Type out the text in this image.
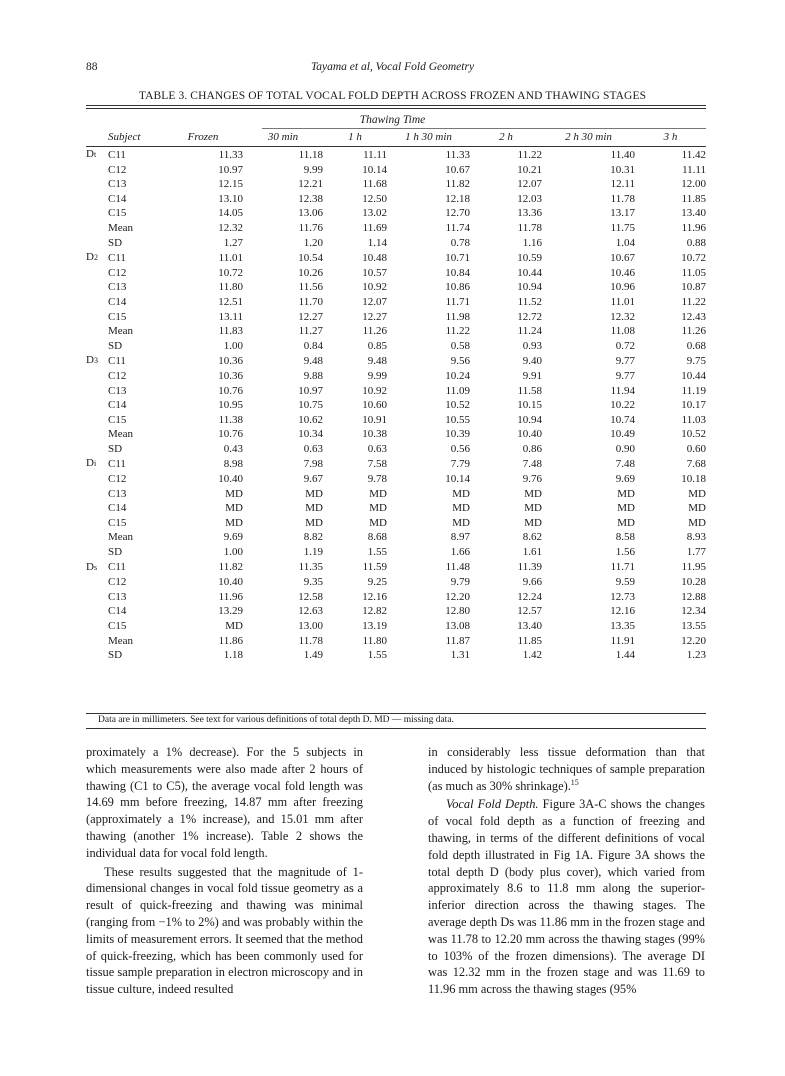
88	Tayama et al, Vocal Fold Geometry
TABLE 3. CHANGES OF TOTAL VOCAL FOLD DEPTH ACROSS FROZEN AND THAWING STAGES
Thawing Time
	Subject	Frozen	30 min	1 h	1 h 30 min	2 h	2 h 30 min	3 h
Dt	C11	11.33	11.18	11.11	11.33	11.22	11.40	11.42
	C12	10.97	9.99	10.14	10.67	10.21	10.31	11.11
	C13	12.15	12.21	11.68	11.82	12.07	12.11	12.00
	C14	13.10	12.38	12.50	12.18	12.03	11.78	11.85
	C15	14.05	13.06	13.02	12.70	13.36	13.17	13.40
	Mean	12.32	11.76	11.69	11.74	11.78	11.75	11.96
	SD	1.27	1.20	1.14	0.78	1.16	1.04	0.88
D2	C11	11.01	10.54	10.48	10.71	10.59	10.67	10.72
	C12	10.72	10.26	10.57	10.84	10.44	10.46	11.05
	C13	11.80	11.56	10.92	10.86	10.94	10.96	10.87
	C14	12.51	11.70	12.07	11.71	11.52	11.01	11.22
	C15	13.11	12.27	12.27	11.98	12.72	12.32	12.43
	Mean	11.83	11.27	11.26	11.22	11.24	11.08	11.26
	SD	1.00	0.84	0.85	0.58	0.93	0.72	0.68
D3	C11	10.36	9.48	9.48	9.56	9.40	9.77	9.75
	C12	10.36	9.88	9.99	10.24	9.91	9.77	10.44
	C13	10.76	10.97	10.92	11.09	11.58	11.94	11.19
	C14	10.95	10.75	10.60	10.52	10.15	10.22	10.17
	C15	11.38	10.62	10.91	10.55	10.94	10.74	11.03
	Mean	10.76	10.34	10.38	10.39	10.40	10.49	10.52
	SD	0.43	0.63	0.63	0.56	0.86	0.90	0.60
Di	C11	8.98	7.98	7.58	7.79	7.48	7.48	7.68
	C12	10.40	9.67	9.78	10.14	9.76	9.69	10.18
	C13	MD	MD	MD	MD	MD	MD	MD
	C14	MD	MD	MD	MD	MD	MD	MD
	C15	MD	MD	MD	MD	MD	MD	MD
	Mean	9.69	8.82	8.68	8.97	8.62	8.58	8.93
	SD	1.00	1.19	1.55	1.66	1.61	1.56	1.77
Ds	C11	11.82	11.35	11.59	11.48	11.39	11.71	11.95
	C12	10.40	9.35	9.25	9.79	9.66	9.59	10.28
	C13	11.96	12.58	12.16	12.20	12.24	12.73	12.88
	C14	13.29	12.63	12.82	12.80	12.57	12.16	12.34
	C15	MD	13.00	13.19	13.08	13.40	13.35	13.55
	Mean	11.86	11.78	11.80	11.87	11.85	11.91	12.20
	SD	1.18	1.49	1.55	1.31	1.42	1.44	1.23
Data are in millimeters. See text for various definitions of total depth D. MD — missing data.

proximately a 1% decrease). For the 5 subjects in which measurements were also made after 2 hours of thawing (C1 to C5), the average vocal fold length was 14.69 mm before freezing, 14.87 mm after freezing (approximately a 1% increase), and 15.01 mm after thawing (another 1% increase). Table 2 shows the individual data for vocal fold length.

These results suggested that the magnitude of 1-dimensional changes in vocal fold tissue geometry as a result of quick-freezing and thawing was minimal (ranging from −1% to 2%) and was probably within the limits of measurement errors. It seemed that the method of quick-freezing, which has been commonly used for tissue sample preparation in electron microscopy and in tissue culture, indeed resulted

in considerably less tissue deformation than that induced by histologic techniques of sample preparation (as much as 30% shrinkage).$^{15}$

Vocal Fold Depth. Figure 3A-C shows the changes of vocal fold depth as a function of freezing and thawing, in terms of the different definitions of vocal fold depth illustrated in Fig 1A. Figure 3A shows the total depth D (body plus cover), which varied from approximately 8.6 to 11.8 mm along the superior-inferior direction across the thawing stages. The average depth Ds was 11.86 mm in the frozen stage and was 11.78 to 12.20 mm across the thawing stages (99% to 103% of the frozen dimensions). The average DI was 12.32 mm in the frozen stage and was 11.69 to 11.96 mm across the thawing stages (95%
